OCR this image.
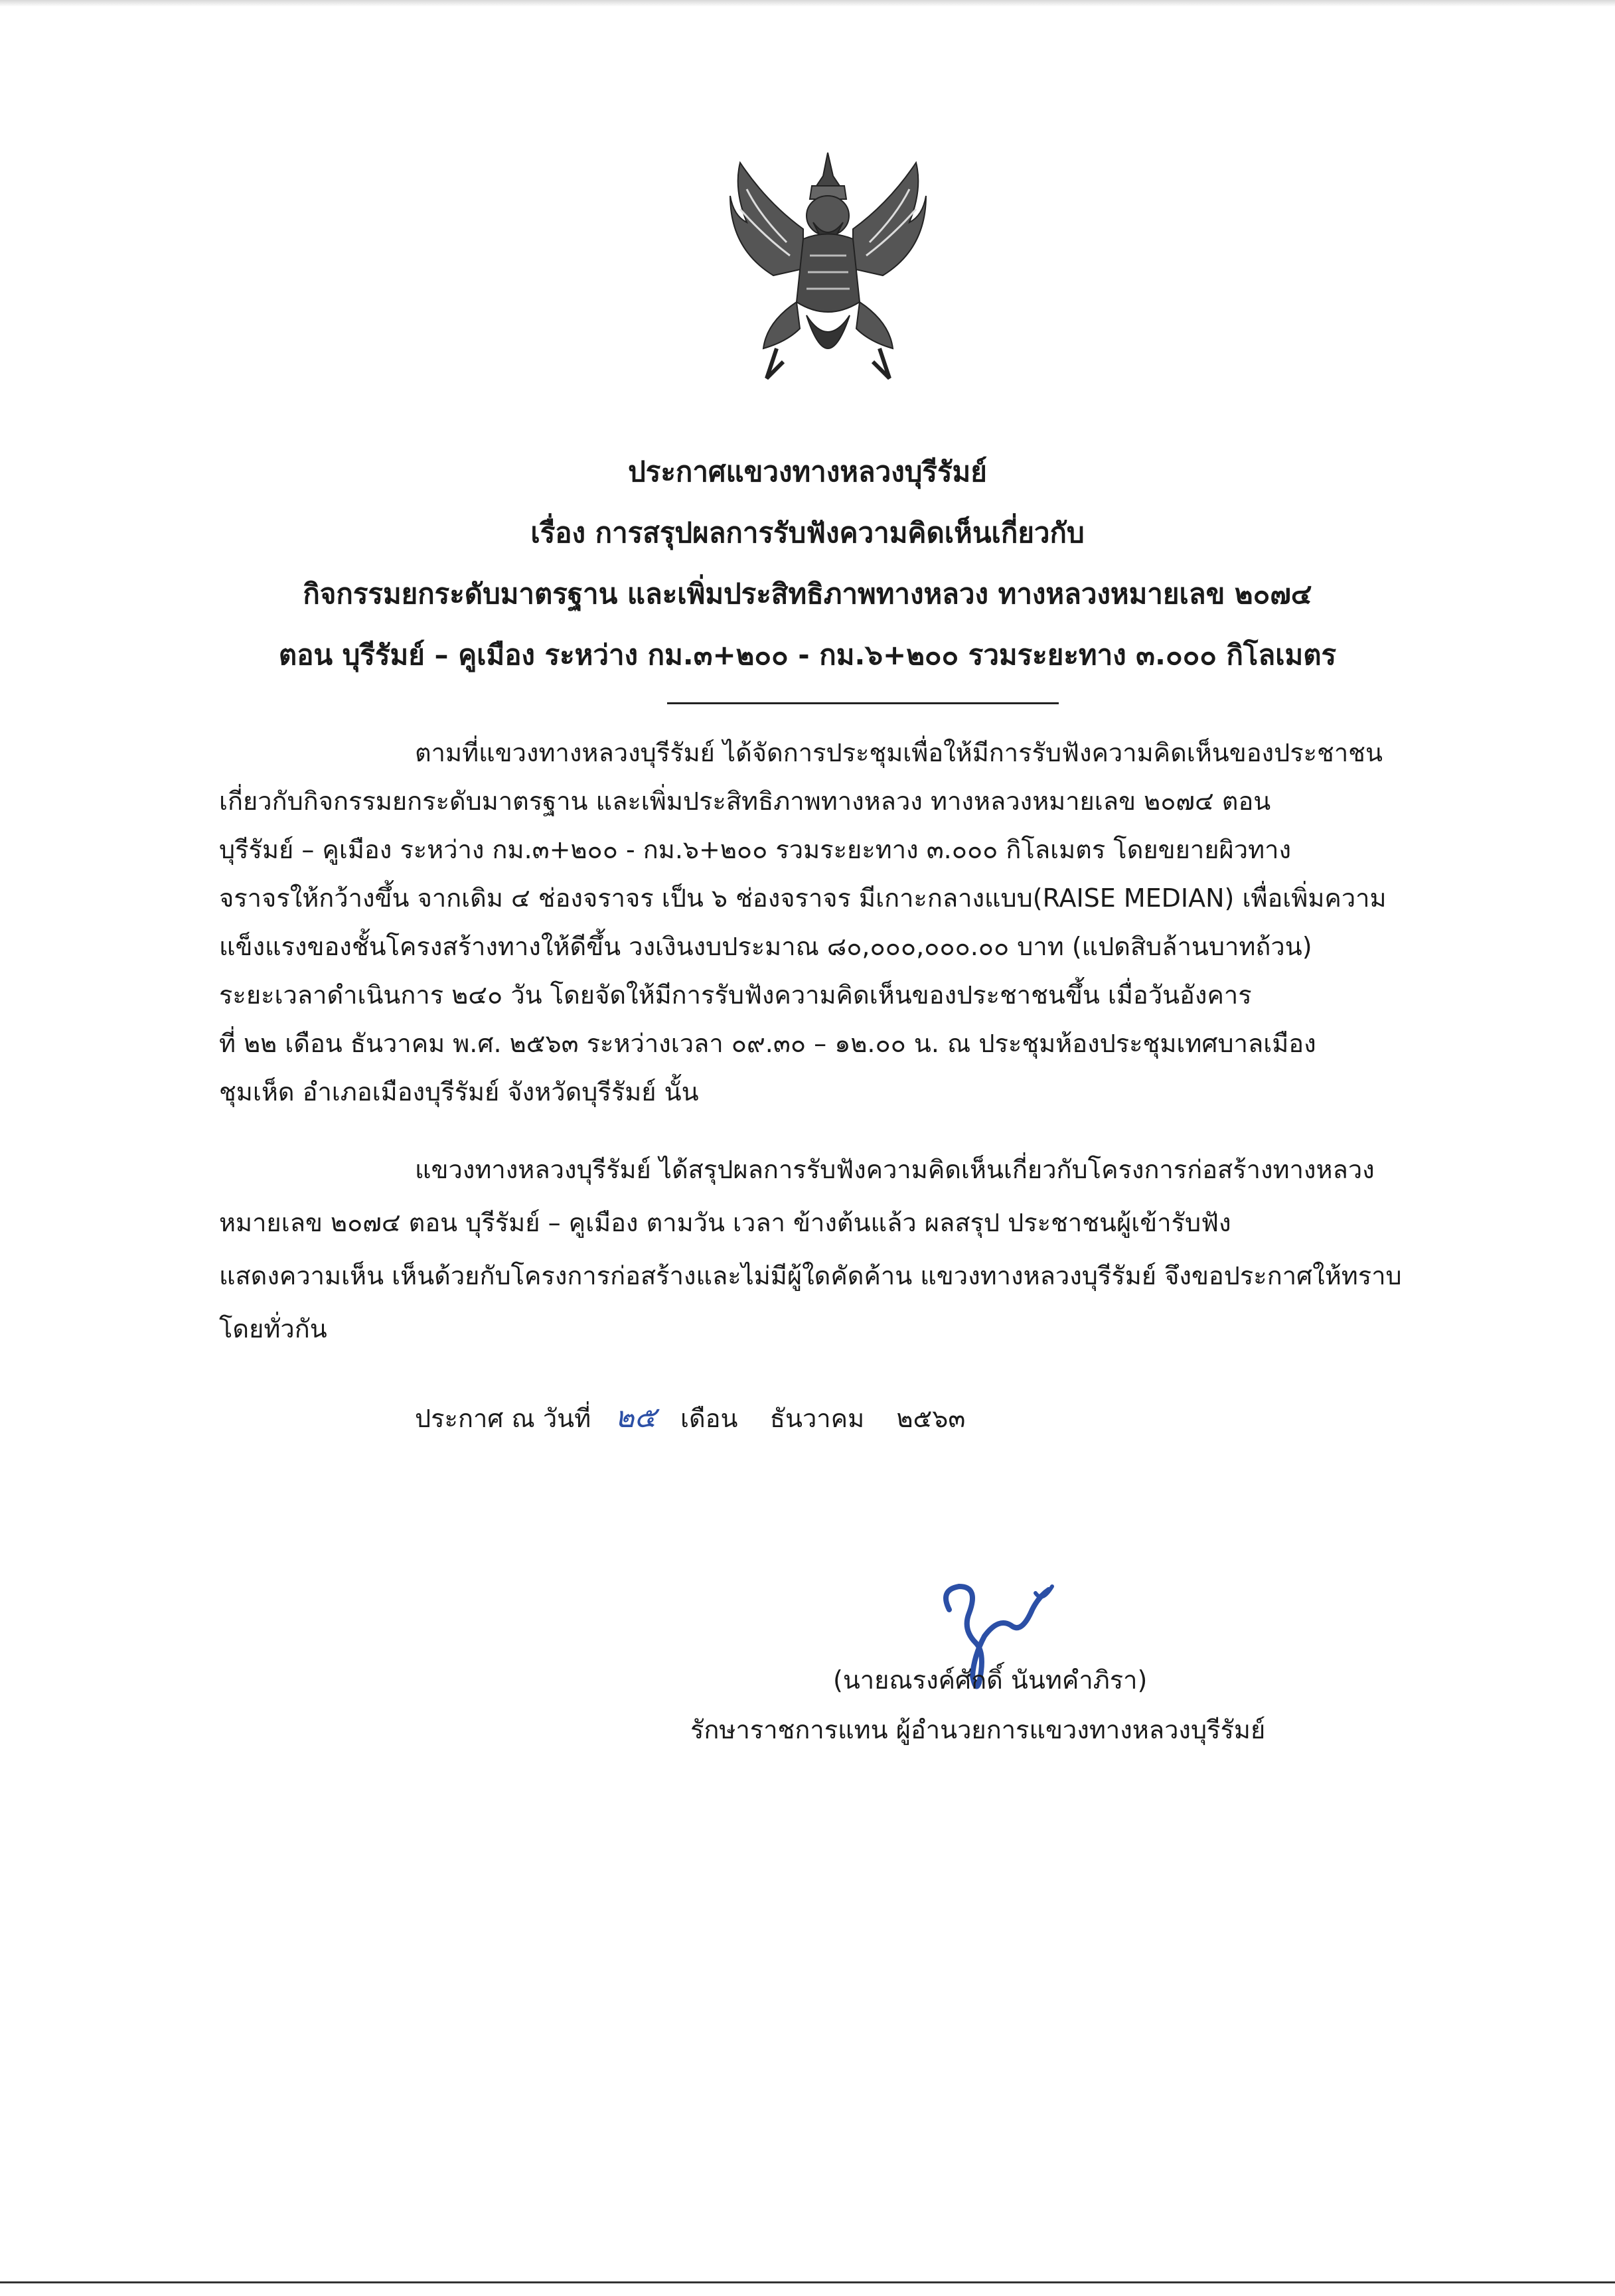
ประกาศแขวงทางหลวงบุรีรัมย์
เรื่อง การสรุปผลการรับฟังความคิดเห็นเกี่ยวกับ
กิจกรรมยกระดับมาตรฐาน และเพิ่มประสิทธิภาพทางหลวง ทางหลวงหมายเลข ๒๐๗๔
ตอน บุรีรัมย์ – คูเมือง ระหว่าง กม.๓+๒๐๐ - กม.๖+๒๐๐ รวมระยะทาง ๓.๐๐๐ กิโลเมตร
ตามที่แขวงทางหลวงบุรีรัมย์ ได้จัดการประชุมเพื่อให้มีการรับฟังความคิดเห็นของประชาชน
เกี่ยวกับกิจกรรมยกระดับมาตรฐาน และเพิ่มประสิทธิภาพทางหลวง ทางหลวงหมายเลข ๒๐๗๔ ตอน
บุรีรัมย์ – คูเมือง ระหว่าง กม.๓+๒๐๐ - กม.๖+๒๐๐ รวมระยะทาง ๓.๐๐๐ กิโลเมตร โดยขยายผิวทาง
จราจรให้กว้างขึ้น จากเดิม ๔ ช่องจราจร เป็น ๖ ช่องจราจร มีเกาะกลางแบบ(RAISE MEDIAN) เพื่อเพิ่มความ
แข็งแรงของชั้นโครงสร้างทางให้ดีขึ้น วงเงินงบประมาณ ๘๐,๐๐๐,๐๐๐.๐๐ บาท (แปดสิบล้านบาทถ้วน)
ระยะเวลาดำเนินการ ๒๔๐ วัน โดยจัดให้มีการรับฟังความคิดเห็นของประชาชนขึ้น เมื่อวันอังคาร
ที่ ๒๒ เดือน ธันวาคม พ.ศ. ๒๕๖๓ ระหว่างเวลา ๐๙.๓๐ – ๑๒.๐๐ น. ณ ประชุมห้องประชุมเทศบาลเมือง
ชุมเห็ด อำเภอเมืองบุรีรัมย์ จังหวัดบุรีรัมย์ นั้น
แขวงทางหลวงบุรีรัมย์ ได้สรุปผลการรับฟังความคิดเห็นเกี่ยวกับโครงการก่อสร้างทางหลวง
หมายเลข ๒๐๗๔ ตอน บุรีรัมย์ – คูเมือง ตามวัน เวลา ข้างต้นแล้ว ผลสรุป ประชาชนผู้เข้ารับฟัง
แสดงความเห็น เห็นด้วยกับโครงการก่อสร้างและไม่มีผู้ใดคัดค้าน แขวงทางหลวงบุรีรัมย์ จึงขอประกาศให้ทราบ
โดยทั่วกัน
ประกาศ ณ วันที่ ๒๕ เดือน ธันวาคม ๒๕๖๓
(นายณรงค์ศักดิ์ นันทคำภิรา)
รักษาราชการแทน ผู้อำนวยการแขวงทางหลวงบุรีรัมย์
